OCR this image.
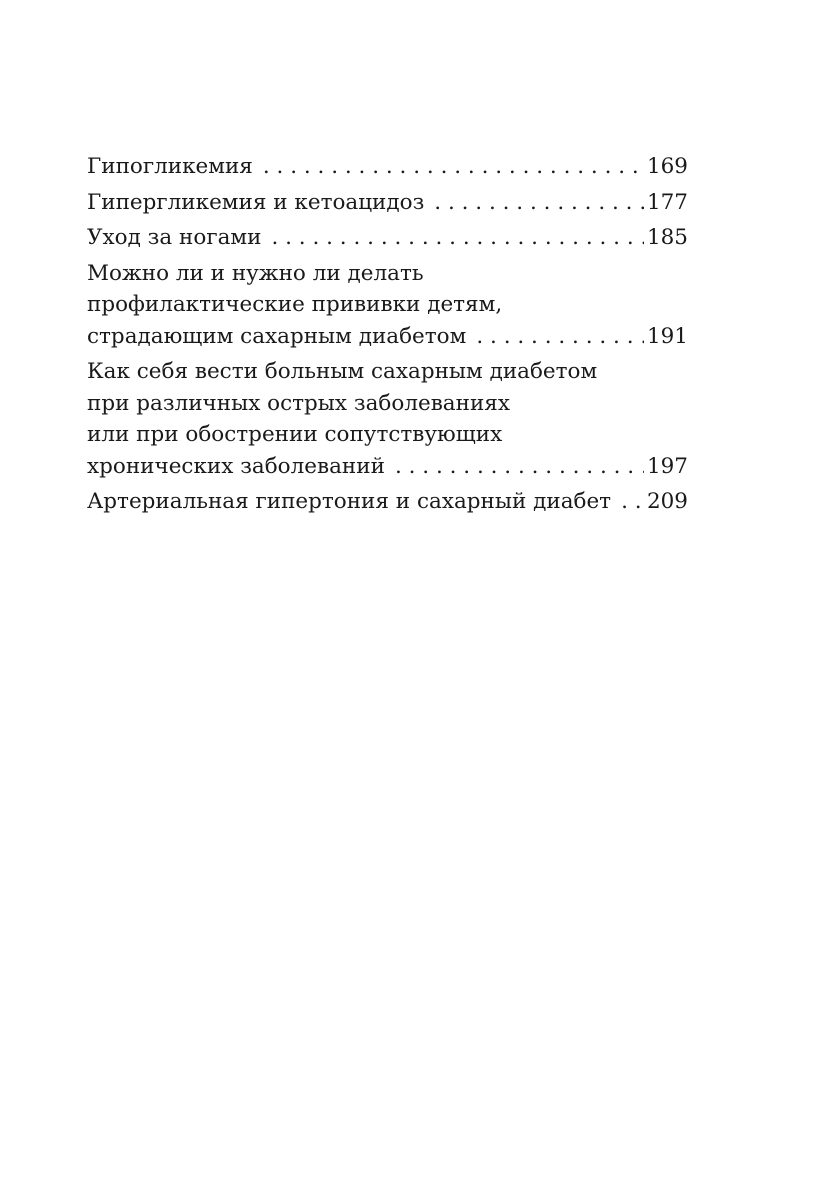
Гипогликемия . . .	169
Гипергликемия и кетоацидоз . . .	177
Уход за ногами . . .	185
Можно ли и нужно ли делать
профилактические прививки детям,
страдающим сахарным диабетом . . .	191
Как себя вести больным сахарным диабетом
при различных острых заболеваниях
или при обострении сопутствующих
хронических заболеваний . . .	197
Артериальная гипертония и сахарный диабет . . . 209
